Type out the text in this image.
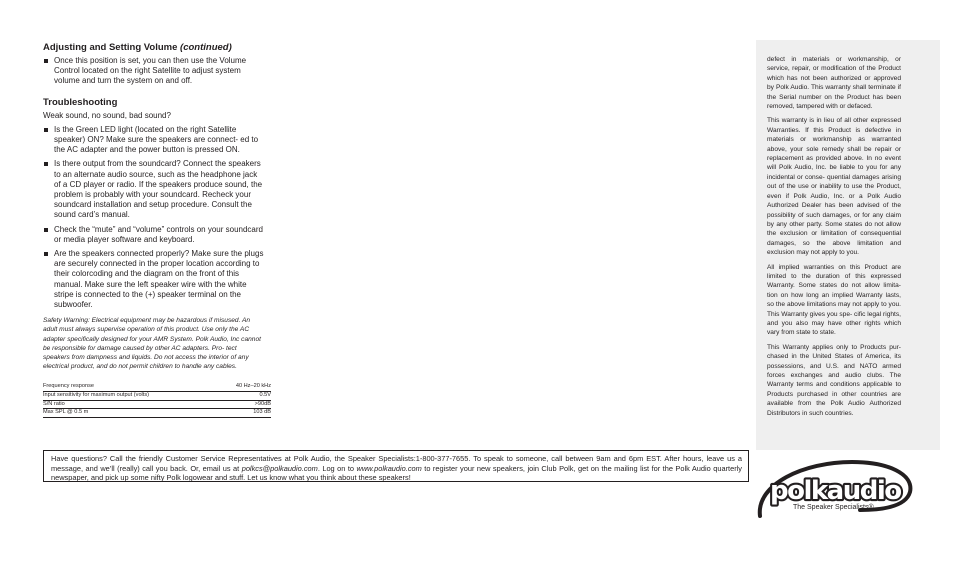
Adjusting and Setting Volume (continued)
Once this position is set, you can then use the Volume Control located on the right Satellite to adjust system volume and turn the system on and off.
Troubleshooting

Weak sound, no sound, bad sound?

Is the Green LED light (located on the right Satellite speaker) ON? Make sure the speakers are connect- ed to the AC adapter and the power button is pressed ON.
Is there output from the soundcard? Connect the speakers to an alternate audio source, such as the headphone jack of a CD player or radio. If the speakers produce sound, the problem is probably with your soundcard. Recheck your soundcard installation and setup procedure. Consult the sound card’s manual.
Check the “mute” and “volume” controls on your soundcard or media player software and keyboard.
Are the speakers connected properly? Make sure the plugs are securely connected in the proper location according to their colorcoding and the diagram on the front of this manual. Make sure the left speaker wire with the white stripe is connected to the (+) speaker terminal on the subwoofer.

Safety Warning: Electrical equipment may be hazardous if misused. An adult must always supervise operation of this product. Use only the AC adapter specifically designed for your AMR System. Polk Audio, Inc cannot be responsible for damage caused by other AC adapters. Pro- tect speakers from dampness and liquids. Do not access the interior of any electrical product, and do not permit children to handle any cables.

Frequency response	40 Hz–20 kHz
Input sensitivity for maximum output (volts)	0.5V
S/N ratio	>90dB
Max SPL @ 0.5 m	103 dB

defect in materials or workmanship, or service, repair, or modification of the Product which has not been authorized or approved by Polk Audio. This warranty shall terminate if the Serial number on the Product has been removed, tampered with or defaced.

This warranty is in lieu of all other expressed Warranties. If this Product is defective in materials or workmanship as warranted above, your sole remedy shall be repair or replacement as provided above. In no event will Polk Audio, Inc. be liable to you for any incidental or conse- quential damages arising out of the use or inability to use the Product, even if Polk Audio, Inc. or a Polk Audio Authorized Dealer has been advised of the possibility of such damages, or for any claim by any other party. Some states do not allow the exclusion or limitation of consequential damages, so the above limitation and exclusion may not apply to you.

All implied warranties on this Product are limited to the duration of this expressed Warranty. Some states do not allow limita- tion on how long an implied Warranty lasts, so the above limitations may not apply to you. This Warranty gives you spe- cific legal rights, and you also may have other rights which vary from state to state.

This Warranty applies only to Products pur- chased in the United States of America, its possessions, and U.S. and NATO armed forces exchanges and audio clubs. The Warranty terms and conditions applicable to Products purchased in other countries are available from the Polk Audio Authorized Distributors in such countries.

Have questions? Call the friendly Customer Service Representatives at Polk Audio, the Speaker Specialists:1-800-377-7655. To speak to someone, call between 9am and 6pm EST. After hours, leave us a message, and we’ll (really) call you back. Or, email us at polkcs@polkaudio.com. Log on to www.polkaudio.com to register your new speakers, join Club Polk, get on the mailing list for the Polk Audio quarterly newspaper, and pick up some nifty Polk logowear and stuff. Let us know what you think about these speakers!	polkaudio
The Speaker Specialists®
